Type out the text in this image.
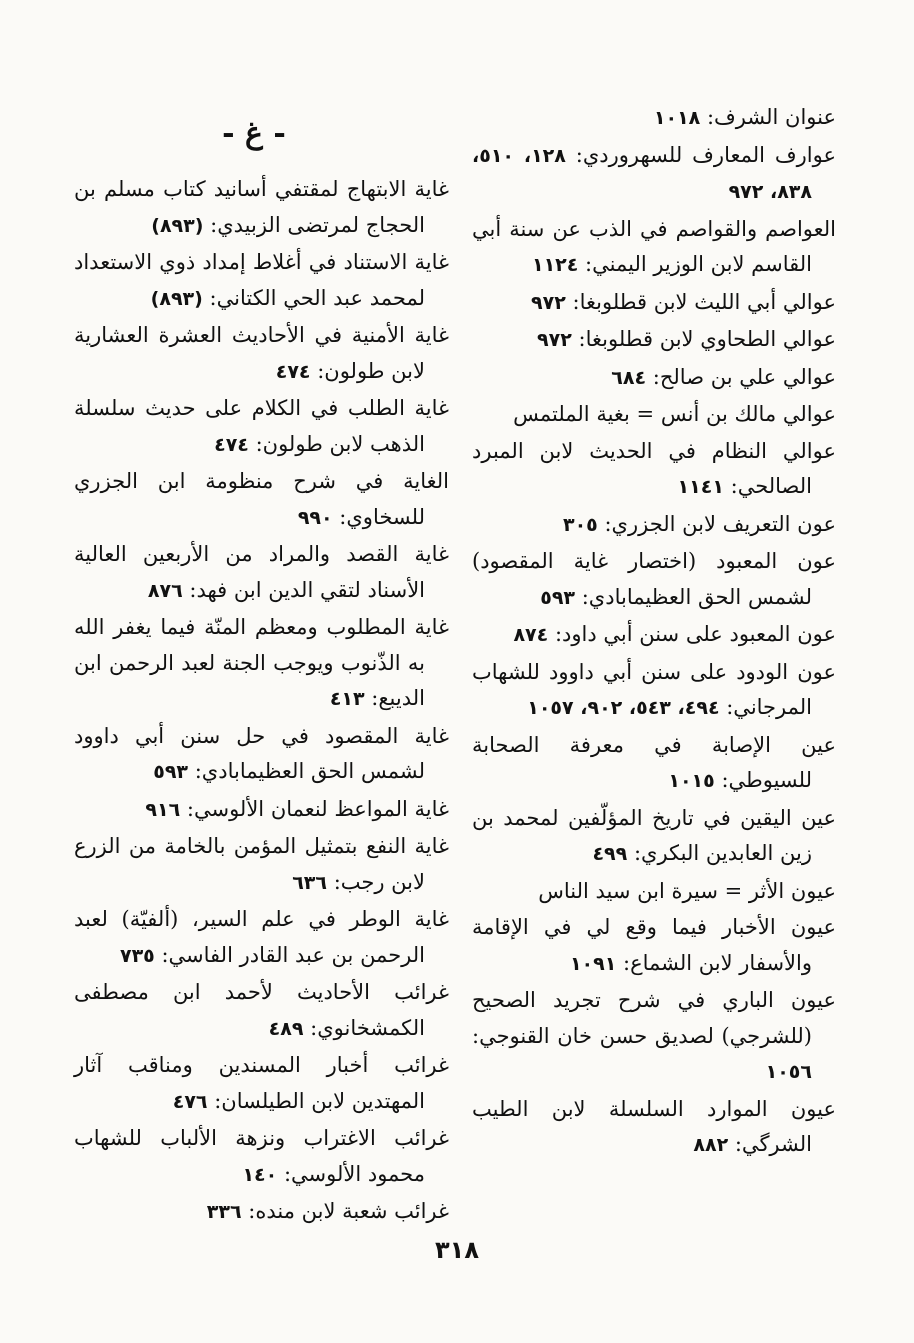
- غ -	عنوان الشرف: ١٠١٨
عوارف المعارف للسهروردي: ١٢٨، ٥١٠، ٨٣٨، ٩٧٢
العواصم والقواصم في الذب عن سنة أبي القاسم لابن الوزير اليمني: ١١٢٤
عوالي أبي الليث لابن قطلوبغا: ٩٧٢
عوالي الطحاوي لابن قطلوبغا: ٩٧٢
عوالي علي بن صالح: ٦٨٤
عوالي مالك بن أنس = بغية الملتمس
عوالي النظام في الحديث لابن المبرد الصالحي: ١١٤١
عون التعريف لابن الجزري: ٣٠٥
عون المعبود (اختصار غاية المقصود) لشمس الحق العظيمابادي: ٥٩٣
عون المعبود على سنن أبي داود: ٨٧٤
عون الودود على سنن أبي داوود للشهاب المرجاني: ٤٩٤، ٥٤٣، ٩٠٢، ١٠٥٧
عين الإصابة في معرفة الصحابة للسيوطي: ١٠١٥
عين اليقين في تاريخ المؤلّفين لمحمد بن زين العابدين البكري: ٤٩٩
عيون الأثر = سيرة ابن سيد الناس
عيون الأخبار فيما وقع لي في الإقامة والأسفار لابن الشماع: ١٠٩١
عيون الباري في شرح تجريد الصحيح (للشرجي) لصديق حسن خان القنوجي: ١٠٥٦
عيون الموارد السلسلة لابن الطيب الشرگي: ٨٨٢
غاية الابتهاج لمقتفي أسانيد كتاب مسلم بن الحجاج لمرتضى الزبيدي: (٨٩٣)
غاية الاستناد في أغلاط إمداد ذوي الاستعداد لمحمد عبد الحي الكتاني: (٨٩٣)
غاية الأمنية في الأحاديث العشرة العشارية لابن طولون: ٤٧٤
غاية الطلب في الكلام على حديث سلسلة الذهب لابن طولون: ٤٧٤
الغاية في شرح منظومة ابن الجزري للسخاوي: ٩٩٠
غاية القصد والمراد من الأربعين العالية الأسناد لتقي الدين ابن فهد: ٨٧٦
غاية المطلوب ومعظم المنّة فيما يغفر الله به الذّنوب ويوجب الجنة لعبد الرحمن ابن الديبع: ٤١٣
غاية المقصود في حل سنن أبي داوود لشمس الحق العظيمابادي: ٥٩٣
غاية المواعظ لنعمان الألوسي: ٩١٦
غاية النفع بتمثيل المؤمن بالخامة من الزرع لابن رجب: ٦٣٦
غاية الوطر في علم السير، (ألفيّة) لعبد الرحمن بن عبد القادر الفاسي: ٧٣٥
غرائب الأحاديث لأحمد ابن مصطفى الكمشخانوي: ٤٨٩
غرائب أخبار المسندين ومناقب آثار المهتدين لابن الطيلسان: ٤٧٦
غرائب الاغتراب ونزهة الألباب للشهاب محمود الألوسي: ١٤٠
غرائب شعبة لابن منده: ٣٣٦
٣١٨
